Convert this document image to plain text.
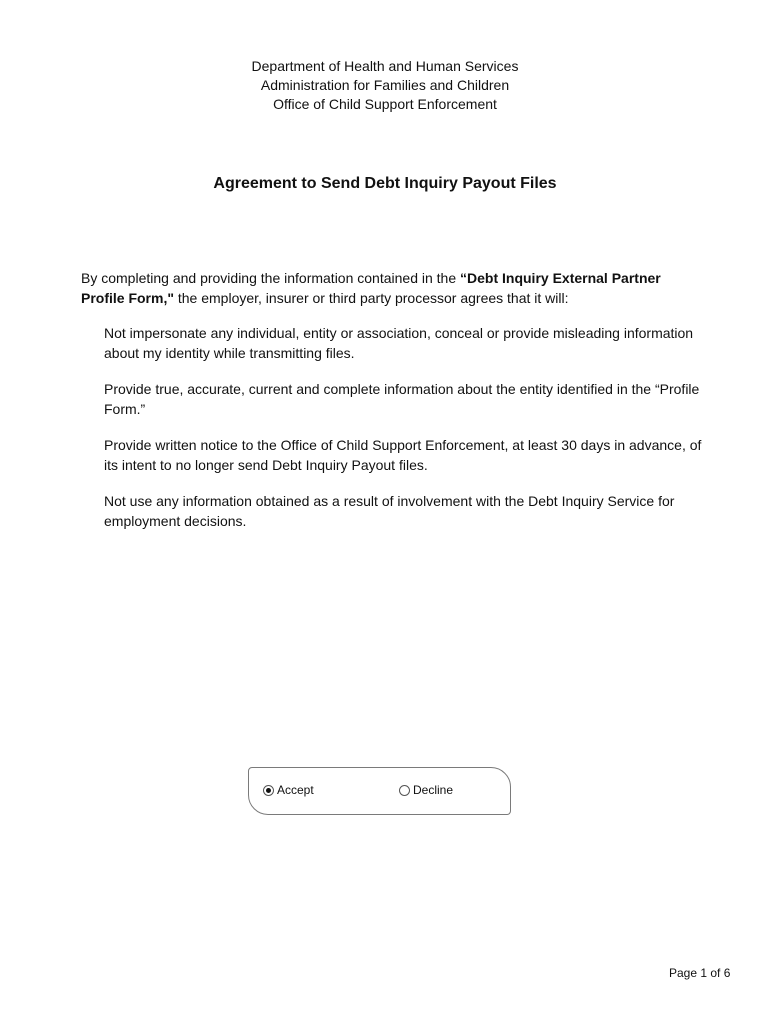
Department of Health and Human Services
Administration for Families and Children
Office of Child Support Enforcement
Agreement to Send Debt Inquiry Payout Files
By completing and providing the information contained in the “Debt Inquiry External Partner Profile Form," the employer, insurer or third party processor agrees that it will:

Not impersonate any individual, entity or association, conceal or provide misleading information about my identity while transmitting files.

Provide true, accurate, current and complete information about the entity identified in the “Profile Form.”

Provide written notice to the Office of Child Support Enforcement, at least 30 days in advance, of its intent to no longer send Debt Inquiry Payout files.

Not use any information obtained as a result of involvement with the Debt Inquiry Service for employment decisions.

Accept	Decline
Page 1 of 6
